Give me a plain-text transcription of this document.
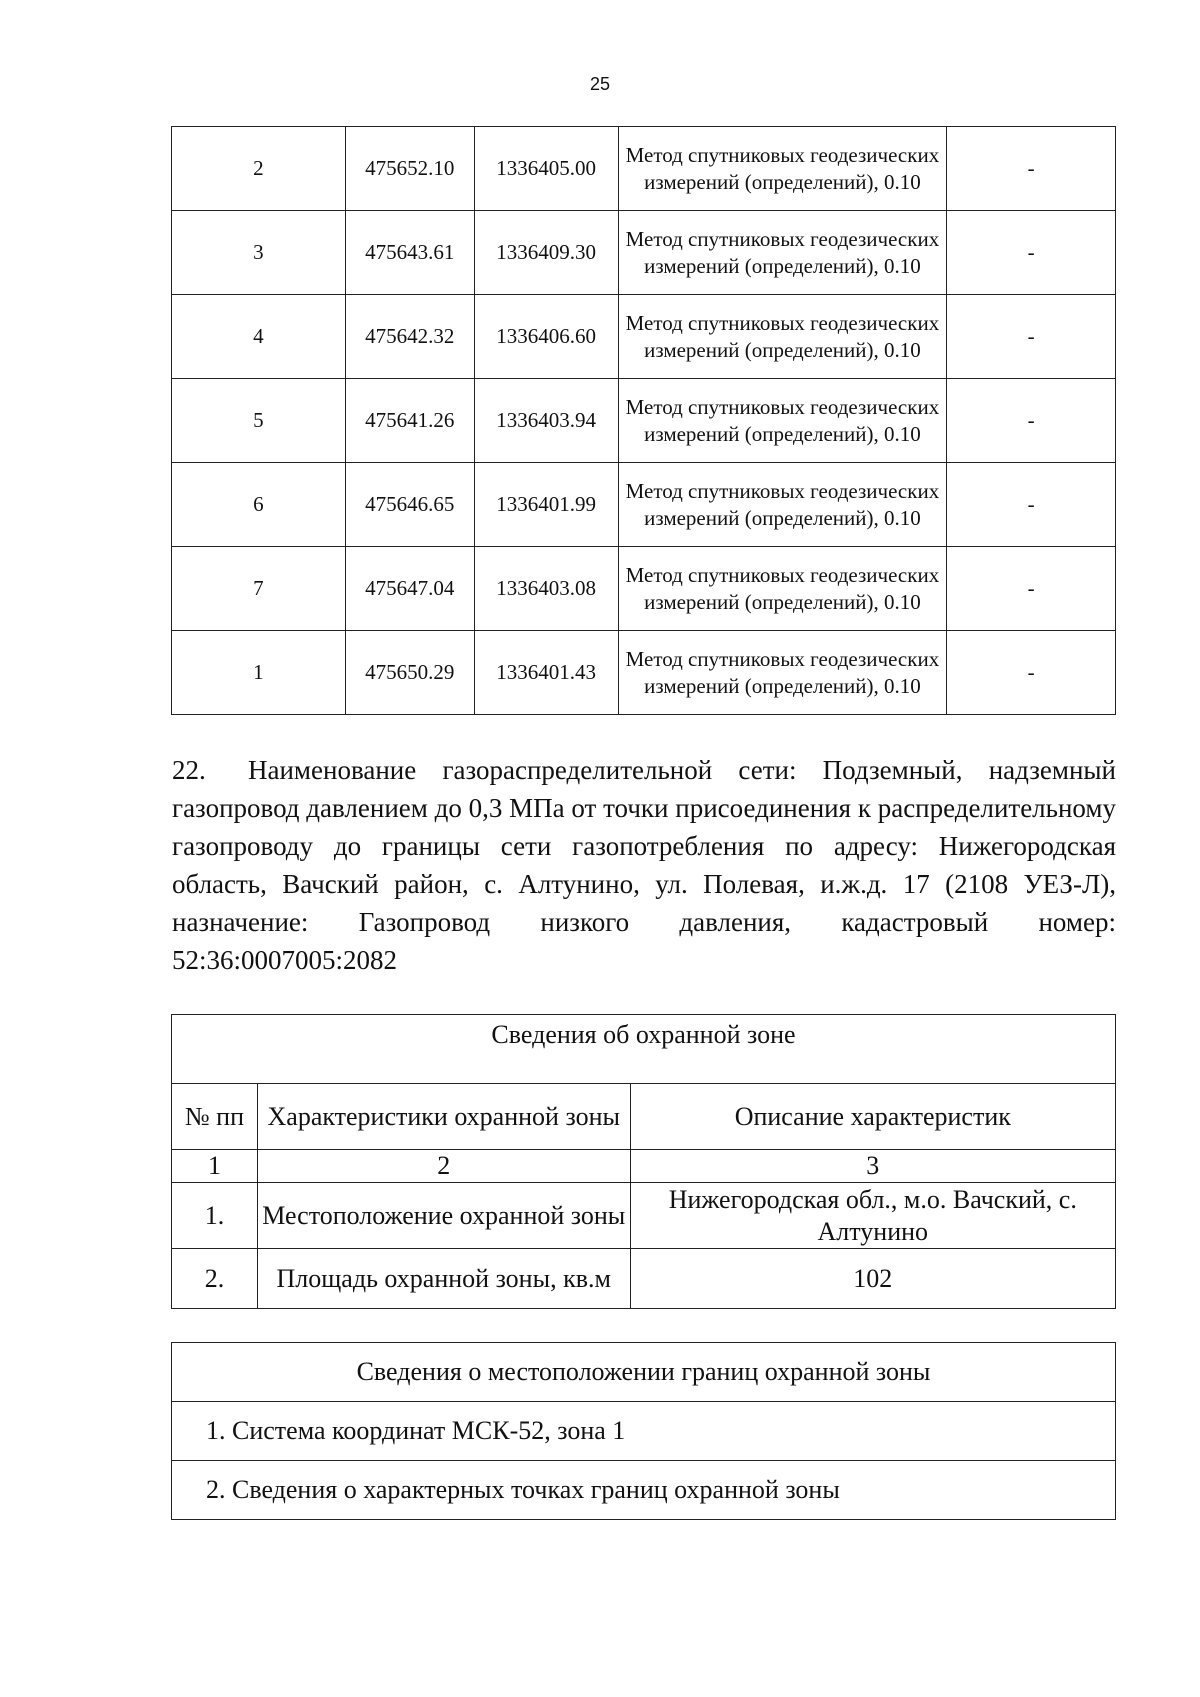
25
2	475652.10	1336405.00	Метод спутниковых геодезических измерений (определений), 0.10	-
3	475643.61	1336409.30	Метод спутниковых геодезических измерений (определений), 0.10	-
4	475642.32	1336406.60	Метод спутниковых геодезических измерений (определений), 0.10	-
5	475641.26	1336403.94	Метод спутниковых геодезических измерений (определений), 0.10	-
6	475646.65	1336401.99	Метод спутниковых геодезических измерений (определений), 0.10	-
7	475647.04	1336403.08	Метод спутниковых геодезических измерений (определений), 0.10	-
1	475650.29	1336401.43	Метод спутниковых геодезических измерений (определений), 0.10	-

22. Наименование газораспределительной сети: Подземный, надземный газопровод давлением до 0,3 МПа от точки присоединения к распределительному газопроводу до границы сети газопотребления по адресу: Нижегородская область, Вачский район, с. Алтунино, ул. Полевая, и.ж.д. 17 (2108 УЕЗ-Л), назначение: Газопровод низкого давления, кадастровый номер: 52:36:0007005:2082

Сведения об охранной зоне		
№ пп	Характеристики охранной зоны	Описание характеристик
1	2	3
1.	Местоположение охранной зоны	Нижегородская обл., м.о. Вачский, с. Алтунино
2.	Площадь охранной зоны, кв.м	102
Сведения о местоположении границ охранной зоны
1. Система координат МСК-52, зона 1
2. Сведения о характерных точках границ охранной зоны
